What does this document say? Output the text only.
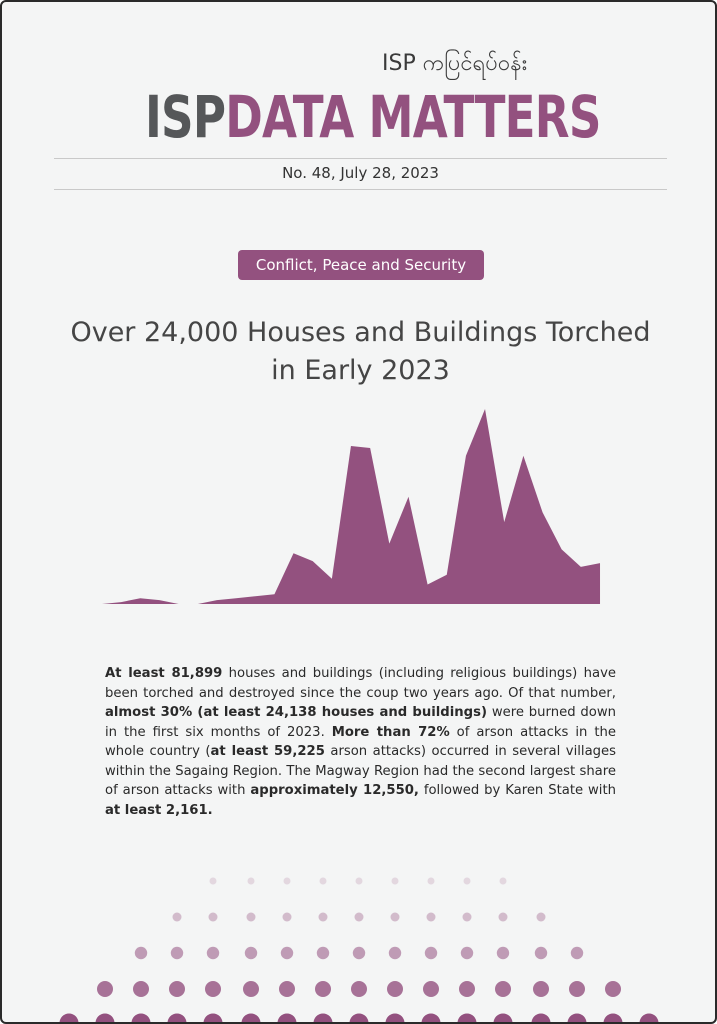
ISP ကပြင်ရပ်ဝန်း
ISPDATA MATTERS
No. 48, July 28, 2023
Conflict, Peace and Security
Over 24,000 Houses and Buildings Torched
in Early 2023
At least 81,899 houses and buildings (including religious buildings) have been torched and destroyed since the coup two years ago. Of that number, almost 30% (at least 24,138 houses and buildings) were burned down in the first six months of 2023. More than 72% of arson attacks in the whole country (at least 59,225 arson attacks) occurred in several villages within the Sagaing Region. The Magway Region had the second largest share of arson attacks with approximately 12,550, followed by Karen State with at least 2,161.
